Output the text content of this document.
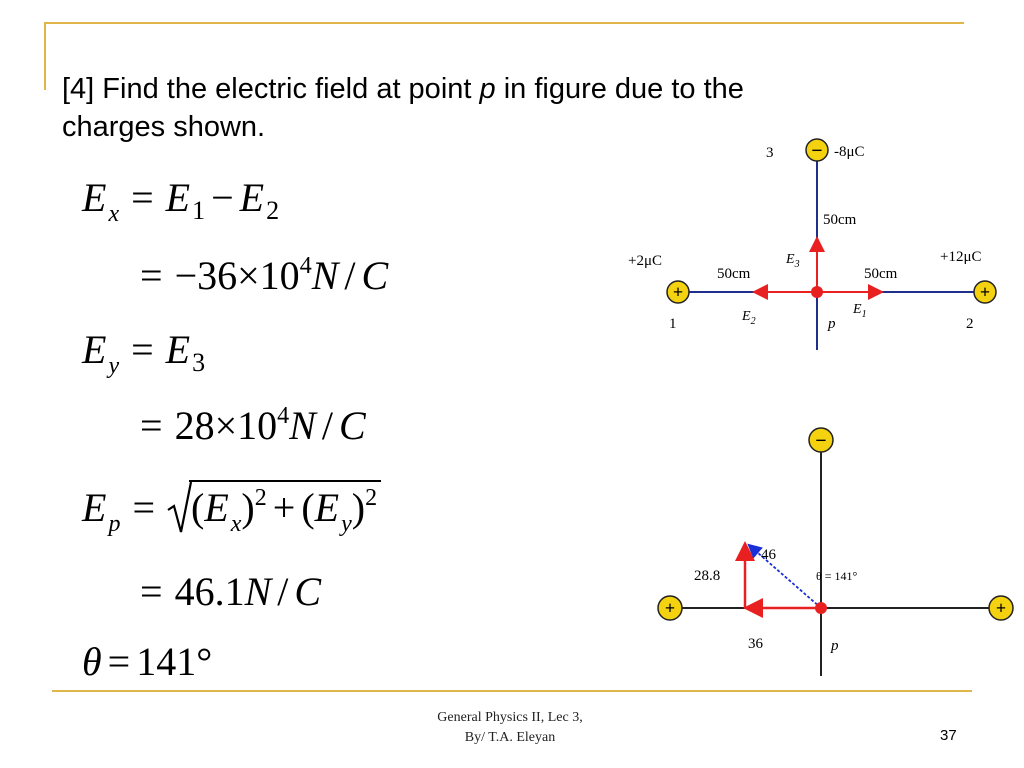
[4] Find the electric field at point p in figure due to the
charges shown.
$E_x = E_1 - E_2$
= $-36\times 10^4N / C$
$E_y = E_3$
= $28\times 10^4N / C$
$E_p = (E_x)^2 + (E_y)^2$
= 46.1N / C
θ = 141°
− -8μC
3
50cm
$E_3$
+
+2μC
1
50cm
$E_2$	p
$E_1$
50cm
+
+12μC
2
−
+	+
28.8
46
θ = 141°
36	p
General Physics II, Lec 3,
By/ T.A. Eleyan	37
